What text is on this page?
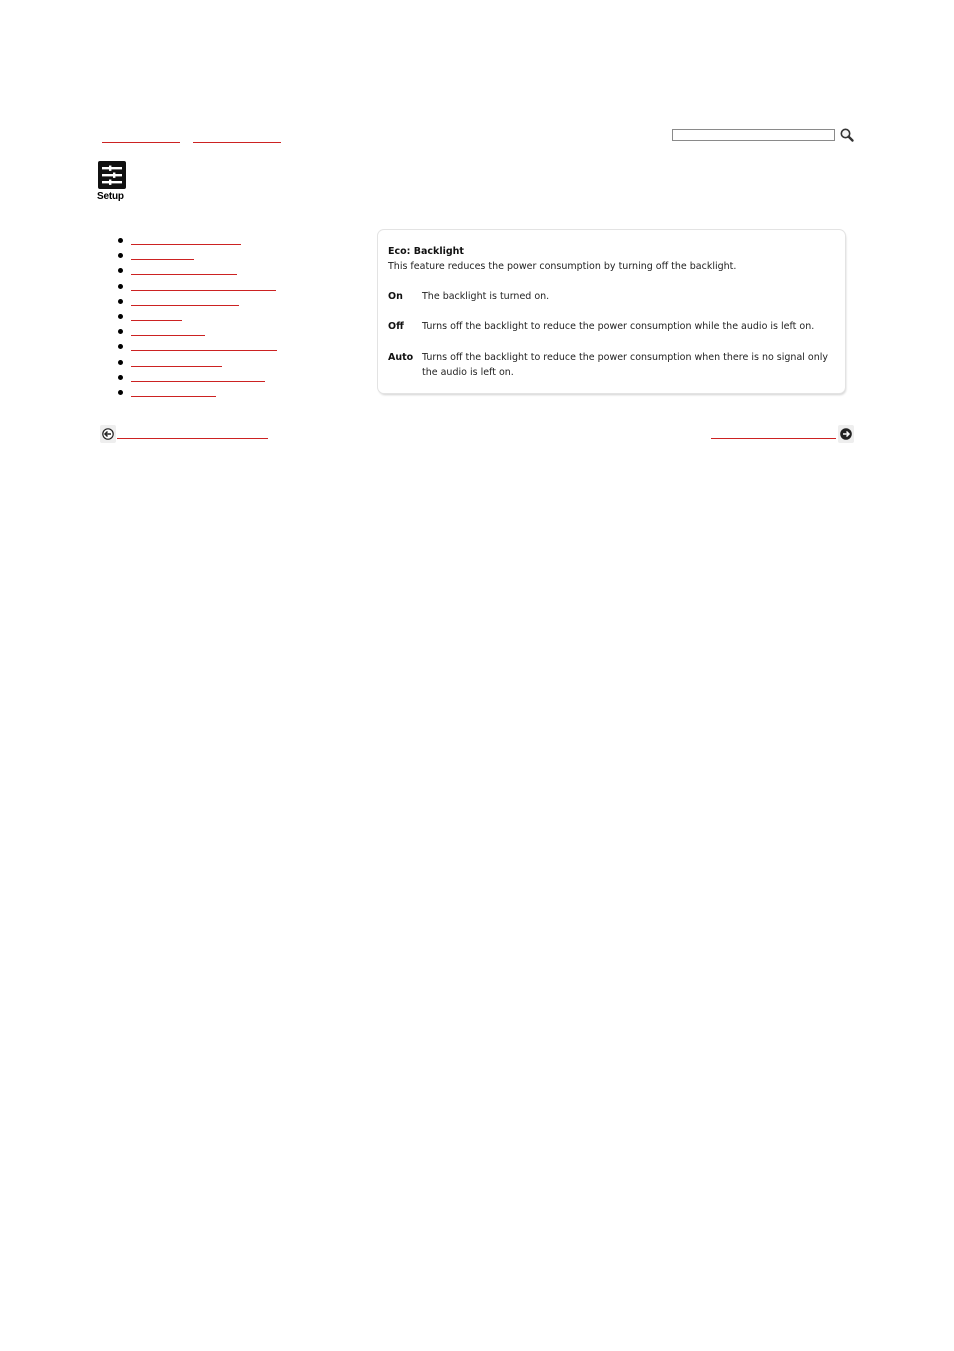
Setup
Eco: Backlight
This feature reduces the power consumption by turning off the backlight.
On The backlight is turned on.
Off Turns off the backlight to reduce the power consumption while the audio is left on.
Auto Turns off the backlight to reduce the power consumption when there is no signal only the audio is left on.
